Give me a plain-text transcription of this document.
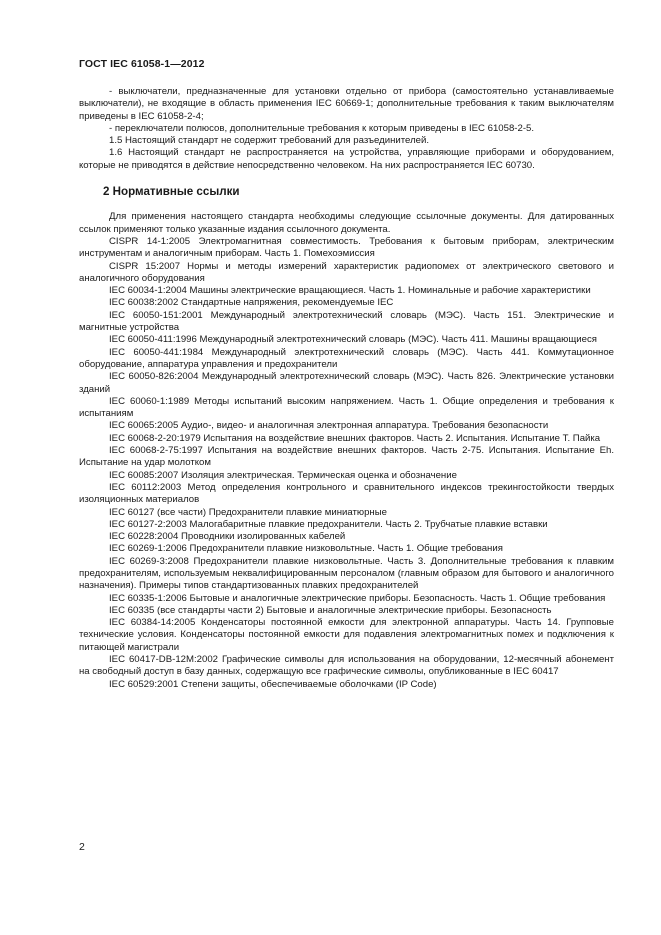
ГОСТ IEC 61058-1—2012

- выключатели, предназначенные для установки отдельно от прибора (самостоятельно устанавливаемые выключатели), не входящие в область применения IEC 60669-1; дополнительные требования к таким выключателям приведены в IEC 61058-2-4;

- переключатели полюсов, дополнительные требования к которым приведены в IEC 61058-2-5.

1.5 Настоящий стандарт не содержит требований для разъединителей.

1.6 Настоящий стандарт не распространяется на устройства, управляющие приборами и оборудованием, которые не приводятся в действие непосредственно человеком. На них распространяется IEC 60730.

2 Нормативные ссылки

Для применения настоящего стандарта необходимы следующие ссылочные документы. Для датированных ссылок применяют только указанные издания ссылочного документа.

CISPR 14-1:2005 Электромагнитная совместимость. Требования к бытовым приборам, электрическим инструментам и аналогичным приборам. Часть 1. Помехоэмиссия

CISPR 15:2007 Нормы и методы измерений характеристик радиопомех от электрического светового и аналогичного оборудования

IEC 60034-1:2004 Машины электрические вращающиеся. Часть 1. Номинальные и рабочие характеристики

IEC 60038:2002 Стандартные напряжения, рекомендуемые IEC

IEC 60050-151:2001 Международный электротехнический словарь (МЭС). Часть 151. Электрические и магнитные устройства

IEC 60050-411:1996 Международный электротехнический словарь (МЭС). Часть 411. Машины вращающиеся

IEC 60050-441:1984 Международный электротехнический словарь (МЭС). Часть 441. Коммутационное оборудование, аппаратура управления и предохранители

IEC 60050-826:2004 Международный электротехнический словарь (МЭС). Часть 826. Электрические установки зданий

IEC 60060-1:1989 Методы испытаний высоким напряжением. Часть 1. Общие определения и требования к испытаниям

IEC 60065:2005 Аудио-, видео- и аналогичная электронная аппаратура. Требования безопасности

IEC 60068-2-20:1979 Испытания на воздействие внешних факторов. Часть 2. Испытания. Испытание Т. Пайка

IEC 60068-2-75:1997 Испытания на воздействие внешних факторов. Часть 2-75. Испытания. Испытание Eh. Испытание на удар молотком

IEC 60085:2007 Изоляция электрическая. Термическая оценка и обозначение

IEC 60112:2003 Метод определения контрольного и сравнительного индексов трекингостойкости твердых изоляционных материалов

IEC 60127 (все части) Предохранители плавкие миниатюрные

IEC 60127-2:2003 Малогабаритные плавкие предохранители. Часть 2. Трубчатые плавкие вставки

IEC 60228:2004 Проводники изолированных кабелей

IEC 60269-1:2006 Предохранители плавкие низковольтные. Часть 1. Общие требования

IEC 60269-3:2008 Предохранители плавкие низковольтные. Часть 3. Дополнительные требования к плавким предохранителям, используемым неквалифицированным персоналом (главным образом для бытового и аналогичного назначения). Примеры типов стандартизованных плавких предохранителей

IEC 60335-1:2006 Бытовые и аналогичные электрические приборы. Безопасность. Часть 1. Общие требования

IEC 60335 (все стандарты части 2) Бытовые и аналогичные электрические приборы. Безопасность

IEC 60384-14:2005 Конденсаторы постоянной емкости для электронной аппаратуры. Часть 14. Групповые технические условия. Конденсаторы постоянной емкости для подавления электромагнитных помех и подключения к питающей магистрали

IEC 60417-DB-12M:2002 Графические символы для использования на оборудовании, 12-месячный абонемент на свободный доступ в базу данных, содержащую все графические символы, опубликованные в IEC 60417

IEC 60529:2001 Степени защиты, обеспечиваемые оболочками (IP Code)

2
